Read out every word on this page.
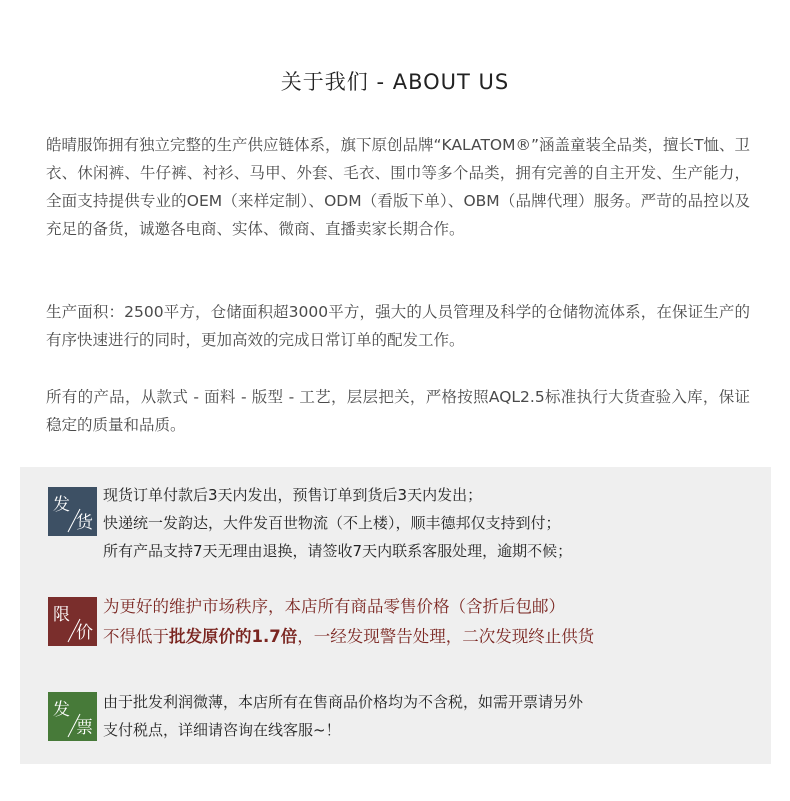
关于我们 - ABOUT US

皓晴服饰拥有独立完整的生产供应链体系，旗下原创品牌“KALATOM®”涵盖童装全品类，擅长T恤、卫衣、休闲裤、牛仔裤、衬衫、马甲、外套、毛衣、围巾等多个品类，拥有完善的自主开发、生产能力，全面支持提供专业的OEM（来样定制）、ODM（看版下单）、OBM（品牌代理）服务。严苛的品控以及充足的备货，诚邀各电商、实体、微商、直播卖家长期合作。

生产面积：2500平方，仓储面积超3000平方，强大的人员管理及科学的仓储物流体系，在保证生产的有序快速进行的同时，更加高效的完成日常订单的配发工作。

所有的产品，从款式 - 面料 - 版型 - 工艺，层层把关，严格按照AQL2.5标准执行大货查验入库，保证稳定的质量和品质。

发
货
现货订单付款后3天内发出，预售订单到货后3天内发出；
快递统一发韵达，大件发百世物流（不上楼），顺丰德邦仅支持到付；
所有产品支持7天无理由退换，请签收7天内联系客服处理，逾期不候；
限
价
为更好的维护市场秩序，本店所有商品零售价格（含折后包邮）
不得低于批发原价的1.7倍，一经发现警告处理，二次发现终止供货
发
票
由于批发利润微薄，本店所有在售商品价格均为不含税，如需开票请另外
支付税点，详细请咨询在线客服~！
